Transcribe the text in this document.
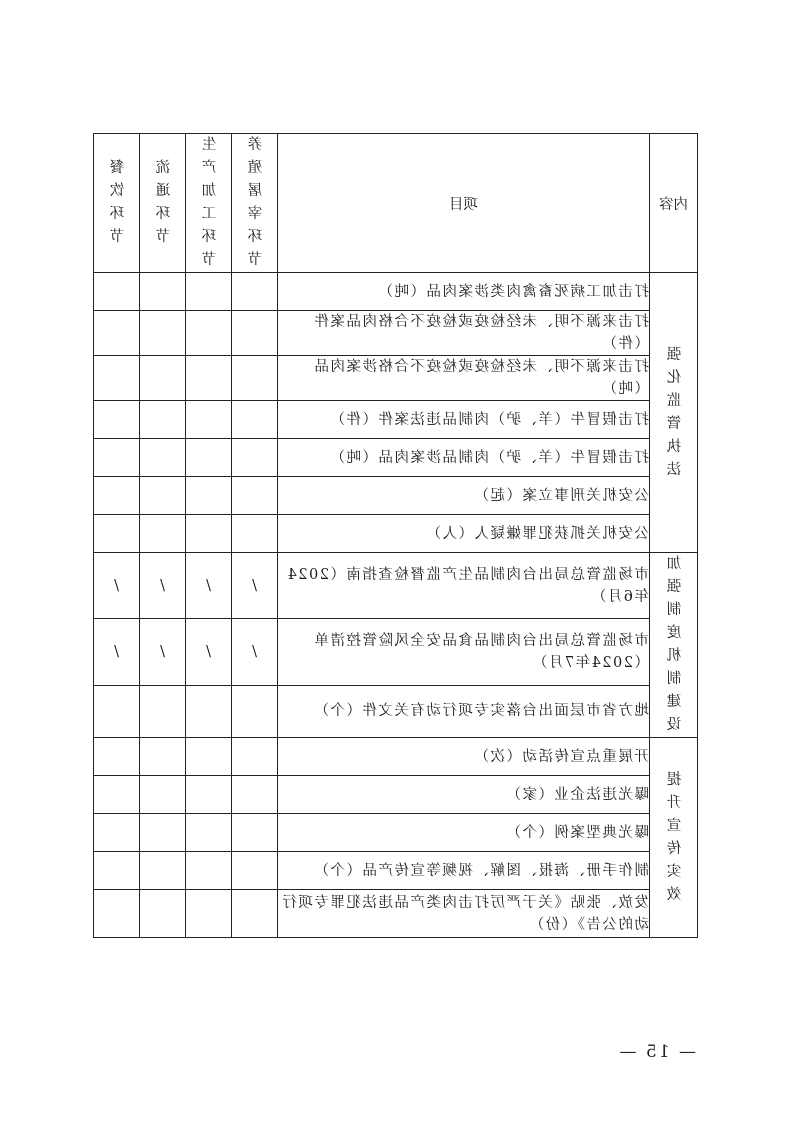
内容	项目	养殖屠宰环节	生产加工环节	流通环节	餐饮环节
强化监管执法	打击加工病死畜禽肉类涉案肉品（吨）				
	打击来源不明、未经检疫或检疫不合格肉品案件（件）				
	打击来源不明、未经检疫或检疫不合格涉案肉品（吨）				
	打击假冒牛（羊、驴）肉制品违法案件（件）				
	打击假冒牛（羊、驴）肉制品涉案肉品（吨）				
	公安机关刑事立案（起）				
	公安机关抓获犯罪嫌疑人（人）				
加强制度机制建设	市场监管总局出台肉制品生产监督检查指南（2024年6月）	/	/	/	/
	市场监管总局出台肉制品食品安全风险管控清单（2024年7月）	/	/	/	/
	地方省市层面出台落实专项行动有关文件（个）				
提升宣传实效	开展重点宣传活动（次）				
	曝光违法企业（家）				
	曝光典型案例（个）				
	制作手册、海报、图解、视频等宣传产品（个）				
	发放、张贴《关于严厉打击肉类产品违法犯罪专项行动的公告》（份）				
— 15 —
